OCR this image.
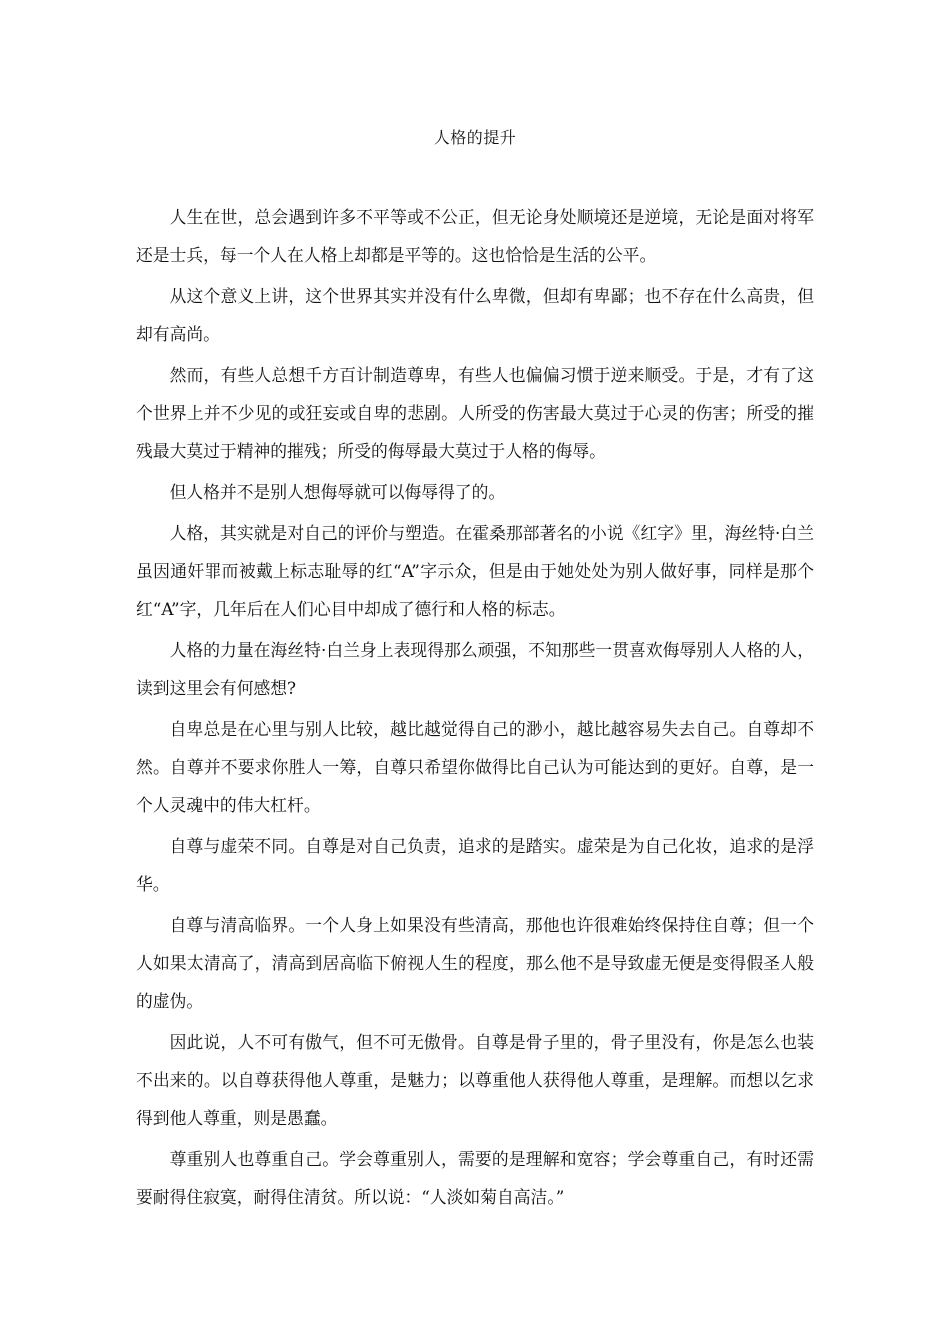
人格的提升

人生在世，总会遇到许多不平等或不公正，但无论身处顺境还是逆境，无论是面对将军还是士兵，每一个人在人格上却都是平等的。这也恰恰是生活的公平。

从这个意义上讲，这个世界其实并没有什么卑微，但却有卑鄙；也不存在什么高贵，但却有高尚。

然而，有些人总想千方百计制造尊卑，有些人也偏偏习惯于逆来顺受。于是，才有了这个世界上并不少见的或狂妄或自卑的悲剧。人所受的伤害最大莫过于心灵的伤害；所受的摧残最大莫过于精神的摧残；所受的侮辱最大莫过于人格的侮辱。

但人格并不是别人想侮辱就可以侮辱得了的。

人格，其实就是对自己的评价与塑造。在霍桑那部著名的小说《红字》里，海丝特·白兰虽因通奸罪而被戴上标志耻辱的红“A”字示众，但是由于她处处为别人做好事，同样是那个红“A”字，几年后在人们心目中却成了德行和人格的标志。

人格的力量在海丝特·白兰身上表现得那么顽强，不知那些一贯喜欢侮辱别人人格的人，读到这里会有何感想?

自卑总是在心里与别人比较，越比越觉得自己的渺小，越比越容易失去自己。自尊却不然。自尊并不要求你胜人一筹，自尊只希望你做得比自己认为可能达到的更好。自尊，是一个人灵魂中的伟大杠杆。

自尊与虚荣不同。自尊是对自己负责，追求的是踏实。虚荣是为自己化妆，追求的是浮华。

自尊与清高临界。一个人身上如果没有些清高，那他也许很难始终保持住自尊；但一个人如果太清高了，清高到居高临下俯视人生的程度，那么他不是导致虚无便是变得假圣人般的虚伪。

因此说，人不可有傲气，但不可无傲骨。自尊是骨子里的，骨子里没有，你是怎么也装不出来的。以自尊获得他人尊重，是魅力；以尊重他人获得他人尊重，是理解。而想以乞求得到他人尊重，则是愚蠢。

尊重别人也尊重自己。学会尊重别人，需要的是理解和宽容；学会尊重自己，有时还需要耐得住寂寞，耐得住清贫。所以说：“人淡如菊自高洁。”
